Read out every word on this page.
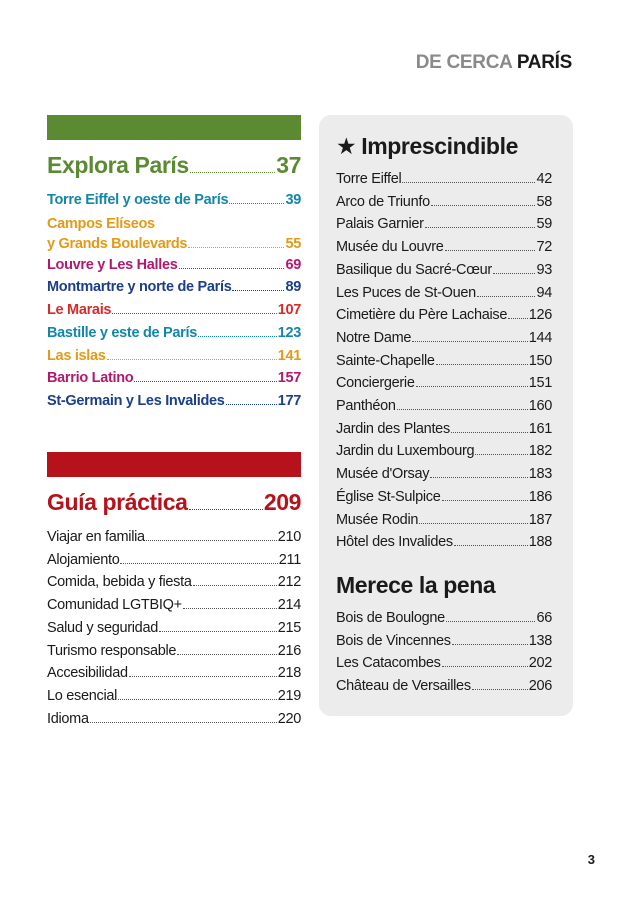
DE CERCA PARÍS
Explora París	37
Torre Eiffel y oeste de París	39
Campos Elíseos
y Grands Boulevards	55
Louvre y Les Halles	69
Montmartre y norte de París	89
Le Marais	107
Bastille y este de París	123
Las islas	141
Barrio Latino	157
St-Germain y Les Invalides	177
Guía práctica	209
Viajar en familia	210
Alojamiento	211
Comida, bebida y fiesta	212
Comunidad LGTBIQ+	214
Salud y seguridad	215
Turismo responsable	216
Accesibilidad	218
Lo esencial	219
Idioma	220
★ Imprescindible
Torre Eiffel	42
Arco de Triunfo	58
Palais Garnier	59
Musée du Louvre	72
Basilique du Sacré-Cœur	93
Les Puces de St-Ouen	94
Cimetière du Père Lachaise 126
Notre Dame	144
Sainte-Chapelle	150
Conciergerie	151
Panthéon	160
Jardin des Plantes	161
Jardin du Luxembourg	182
Musée d'Orsay	183
Église St-Sulpice	186
Musée Rodin	187
Hôtel des Invalides	188
Merece la pena
Bois de Boulogne	66
Bois de Vincennes	138
Les Catacombes	202
Château de Versailles	206
3
